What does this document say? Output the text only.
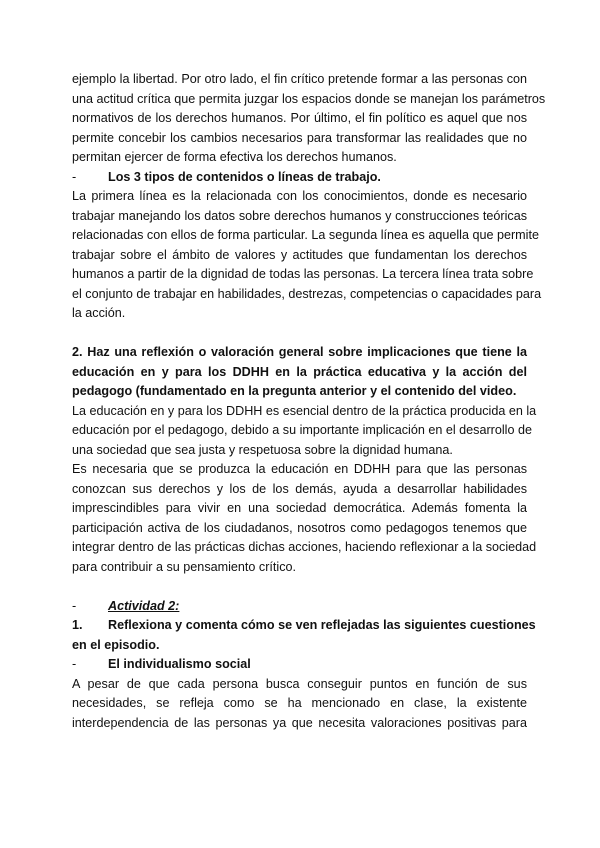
ejemplo la libertad. Por otro lado, el fin crítico pretende formar a las personas con
una actitud crítica que permita juzgar los espacios donde se manejan los parámetros
normativos de los derechos humanos. Por último, el fin político es aquel que nos
permite concebir los cambios necesarios para transformar las realidades que no
permitan ejercer de forma efectiva los derechos humanos.
-	Los 3 tipos de contenidos o líneas de trabajo.
La primera línea es la relacionada con los conocimientos, donde es necesario
trabajar manejando los datos sobre derechos humanos y construcciones teóricas
relacionadas con ellos de forma particular. La segunda línea es aquella que permite
trabajar sobre el ámbito de valores y actitudes que fundamentan los derechos
humanos a partir de la dignidad de todas las personas. La tercera línea trata sobre
el conjunto de trabajar en habilidades, destrezas, competencias o capacidades para
la acción.
2. Haz una reflexión o valoración general sobre implicaciones que tiene la
educación en y para los DDHH en la práctica educativa y la acción del
pedagogo (fundamentado en la pregunta anterior y el contenido del video.
La educación en y para los DDHH es esencial dentro de la práctica producida en la
educación por el pedagogo, debido a su importante implicación en el desarrollo de
una sociedad que sea justa y respetuosa sobre la dignidad humana.
Es necesaria que se produzca la educación en DDHH para que las personas
conozcan sus derechos y los de los demás, ayuda a desarrollar habilidades
imprescindibles para vivir en una sociedad democrática. Además fomenta la
participación activa de los ciudadanos, nosotros como pedagogos tenemos que
integrar dentro de las prácticas dichas acciones, haciendo reflexionar a la sociedad
para contribuir a su pensamiento crítico.
-	Actividad 2:
1. Reflexiona y comenta cómo se ven reflejadas las siguientes cuestiones
en el episodio.
-	El individualismo social
A pesar de que cada persona busca conseguir puntos en función de sus
necesidades, se refleja como se ha mencionado en clase, la existente
interdependencia de las personas ya que necesita valoraciones positivas para
